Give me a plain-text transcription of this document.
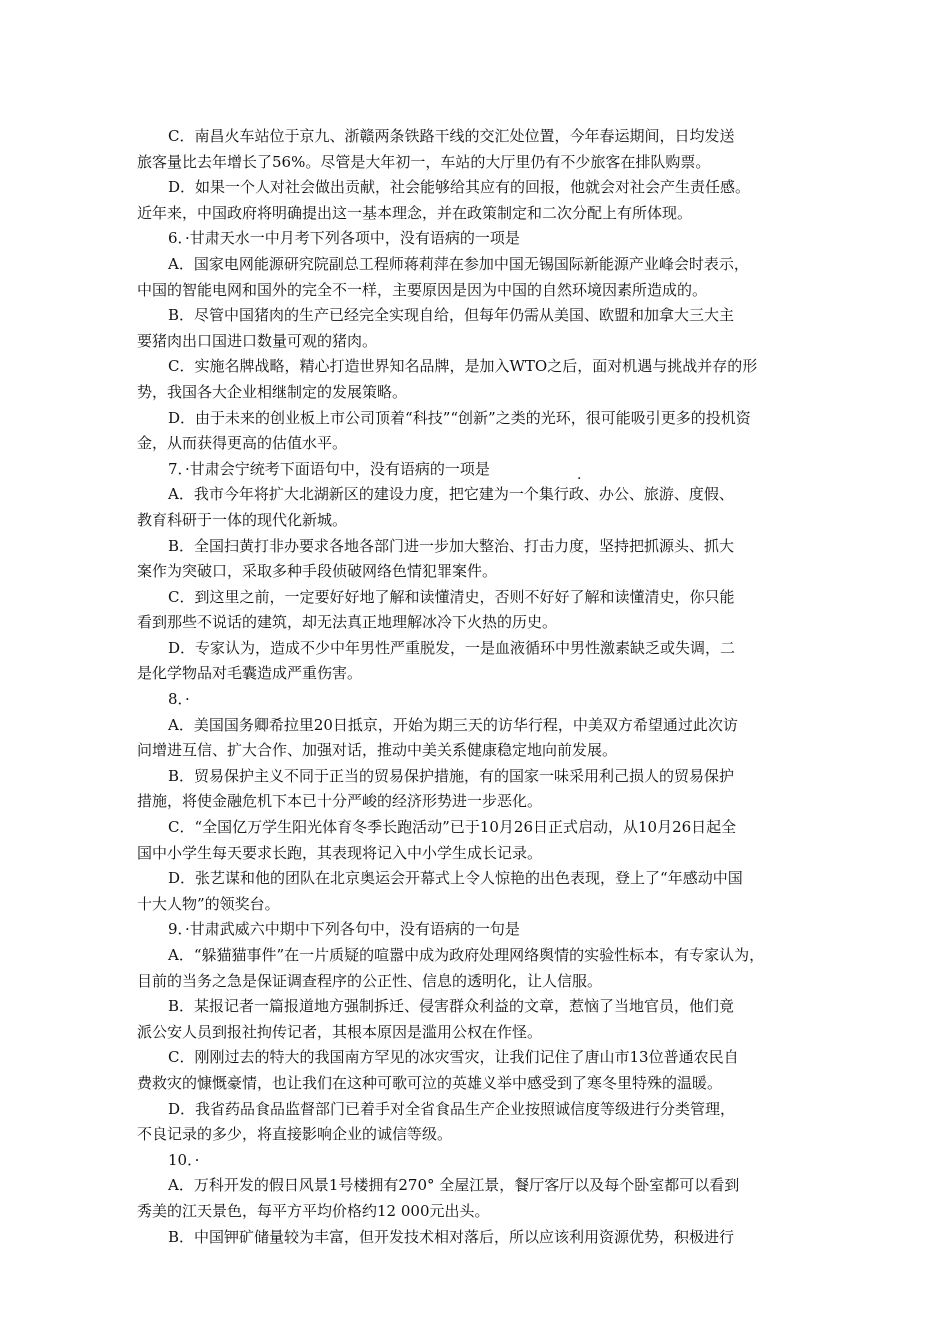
C．南昌火车站位于京九、浙赣两条铁路干线的交汇处位置，今年春运期间，日均发送
旅客量比去年增长了56%。尽管是大年初一，车站的大厅里仍有不少旅客在排队购票。
D．如果一个人对社会做出贡献，社会能够给其应有的回报，他就会对社会产生责任感。
近年来，中国政府将明确提出这一基本理念，并在政策制定和二次分配上有所体现。
6．·甘肃天水一中月考下列各项中，没有语病的一项是
A．国家电网能源研究院副总工程师蒋莉萍在参加中国无锡国际新能源产业峰会时表示，
中国的智能电网和国外的完全不一样，主要原因是因为中国的自然环境因素所造成的。
B．尽管中国猪肉的生产已经完全实现自给，但每年仍需从美国、欧盟和加拿大三大主
要猪肉出口国进口数量可观的猪肉。
C．实施名牌战略，精心打造世界知名品牌，是加入WTO之后，面对机遇与挑战并存的形
势，我国各大企业相继制定的发展策略。
D．由于未来的创业板上市公司顶着“科技”“创新”之类的光环，很可能吸引更多的投机资
金，从而获得更高的估值水平。
7．·甘肃会宁统考下面语句中，没有语病的一项是
A．我市今年将扩大北湖新区的建设力度，把它建为一个集行政、办公、旅游、度假、
教育科研于一体的现代化新城。
B．全国扫黄打非办要求各地各部门进一步加大整治、打击力度，坚持把抓源头、抓大
案作为突破口，采取多种手段侦破网络色情犯罪案件。
C．到这里之前，一定要好好地了解和读懂清史，否则不好好了解和读懂清史，你只能
看到那些不说话的建筑，却无法真正地理解冰冷下火热的历史。
D．专家认为，造成不少中年男性严重脱发，一是血液循环中男性激素缺乏或失调，二
是化学物品对毛囊造成严重伤害。
8．·
A．美国国务卿希拉里20日抵京，开始为期三天的访华行程，中美双方希望通过此次访
问增进互信、扩大合作、加强对话，推动中美关系健康稳定地向前发展。
B．贸易保护主义不同于正当的贸易保护措施，有的国家一味采用利己损人的贸易保护
措施，将使金融危机下本已十分严峻的经济形势进一步恶化。
C．“全国亿万学生阳光体育冬季长跑活动”已于10月26日正式启动，从10月26日起全
国中小学生每天要求长跑，其表现将记入中小学生成长记录。
D．张艺谋和他的团队在北京奥运会开幕式上令人惊艳的出色表现，登上了“年感动中国
十大人物”的领奖台。
9．·甘肃武威六中期中下列各句中，没有语病的一句是
A．“躲猫猫事件”在一片质疑的喧嚣中成为政府处理网络舆情的实验性标本，有专家认为，
目前的当务之急是保证调查程序的公正性、信息的透明化，让人信服。
B．某报记者一篇报道地方强制拆迁、侵害群众利益的文章，惹恼了当地官员，他们竟
派公安人员到报社拘传记者，其根本原因是滥用公权在作怪。
C．刚刚过去的特大的我国南方罕见的冰灾雪灾，让我们记住了唐山市13位普通农民自
费救灾的慷慨豪情，也让我们在这种可歌可泣的英雄义举中感受到了寒冬里特殊的温暖。
D．我省药品食品监督部门已着手对全省食品生产企业按照诚信度等级进行分类管理，
不良记录的多少，将直接影响企业的诚信等级。
10．·
A．万科开发的假日风景1号楼拥有270° 全屋江景，餐厅客厅以及每个卧室都可以看到
秀美的江天景色，每平方平均价格约12 000元出头。
B．中国钾矿储量较为丰富，但开发技术相对落后，所以应该利用资源优势，积极进行
.
